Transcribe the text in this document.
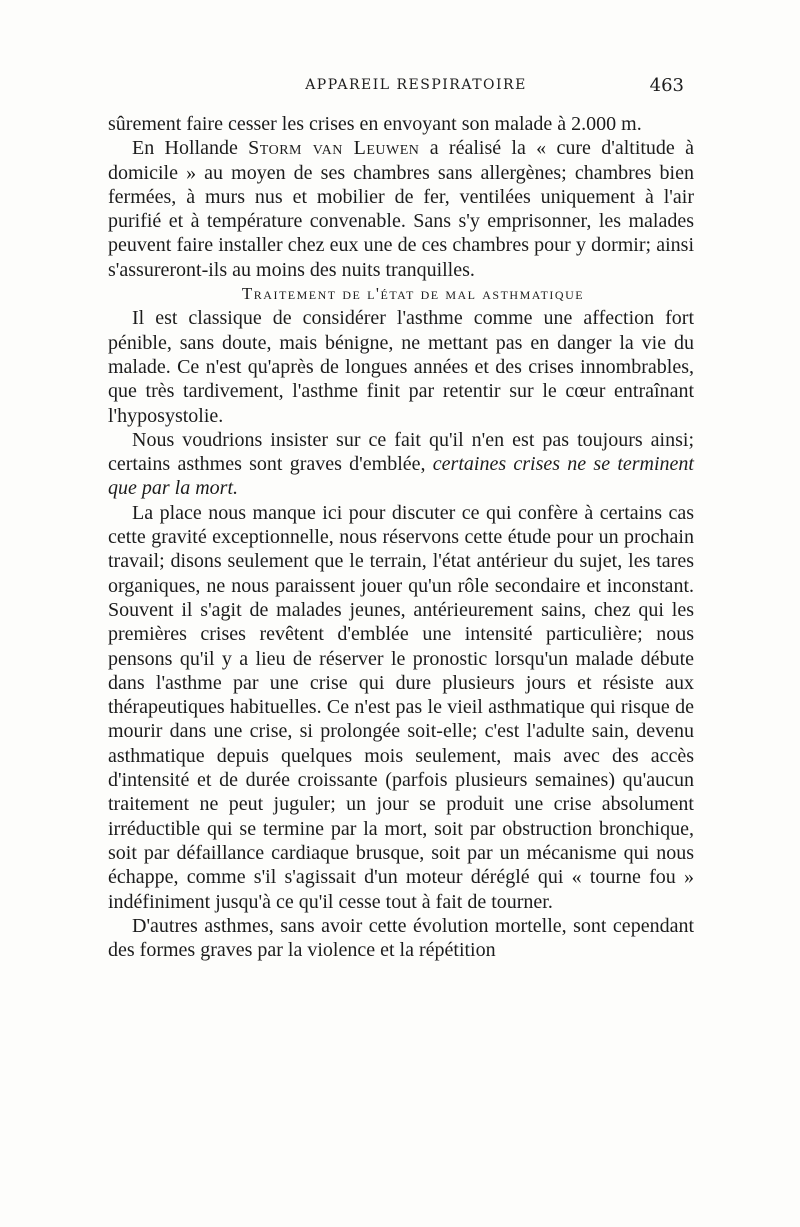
APPAREIL RESPIRATOIRE	463

sûrement faire cesser les crises en envoyant son malade à 2.000 m.

En Hollande Storm van Leuwen a réalisé la « cure d'altitude à domicile » au moyen de ses chambres sans allergènes; chambres bien fermées, à murs nus et mobilier de fer, ventilées uniquement à l'air purifié et à température convenable. Sans s'y emprisonner, les malades peuvent faire installer chez eux une de ces chambres pour y dormir; ainsi s'assureront-ils au moins des nuits tranquilles.

Traitement de l'état de mal asthmatique

Il est classique de considérer l'asthme comme une affection fort pénible, sans doute, mais bénigne, ne mettant pas en danger la vie du malade. Ce n'est qu'après de longues années et des crises innombrables, que très tardivement, l'asthme finit par retentir sur le cœur entraînant l'hyposystolie.

Nous voudrions insister sur ce fait qu'il n'en est pas toujours ainsi; certains asthmes sont graves d'emblée, certaines crises ne se terminent que par la mort.

La place nous manque ici pour discuter ce qui confère à certains cas cette gravité exceptionnelle, nous réservons cette étude pour un prochain travail; disons seulement que le terrain, l'état antérieur du sujet, les tares organiques, ne nous paraissent jouer qu'un rôle secondaire et inconstant. Souvent il s'agit de malades jeunes, antérieurement sains, chez qui les premières crises revêtent d'emblée une intensité particulière; nous pensons qu'il y a lieu de réserver le pronostic lorsqu'un malade débute dans l'asthme par une crise qui dure plusieurs jours et résiste aux thérapeutiques habituelles. Ce n'est pas le vieil asthmatique qui risque de mourir dans une crise, si prolongée soit-elle; c'est l'adulte sain, devenu asthmatique depuis quelques mois seulement, mais avec des accès d'intensité et de durée croissante (parfois plusieurs semaines) qu'aucun traitement ne peut juguler; un jour se produit une crise absolument irréductible qui se termine par la mort, soit par obstruction bronchique, soit par défaillance cardiaque brusque, soit par un mécanisme qui nous échappe, comme s'il s'agissait d'un moteur déréglé qui « tourne fou » indéfiniment jusqu'à ce qu'il cesse tout à fait de tourner.

D'autres asthmes, sans avoir cette évolution mortelle, sont cependant des formes graves par la violence et la répétition
